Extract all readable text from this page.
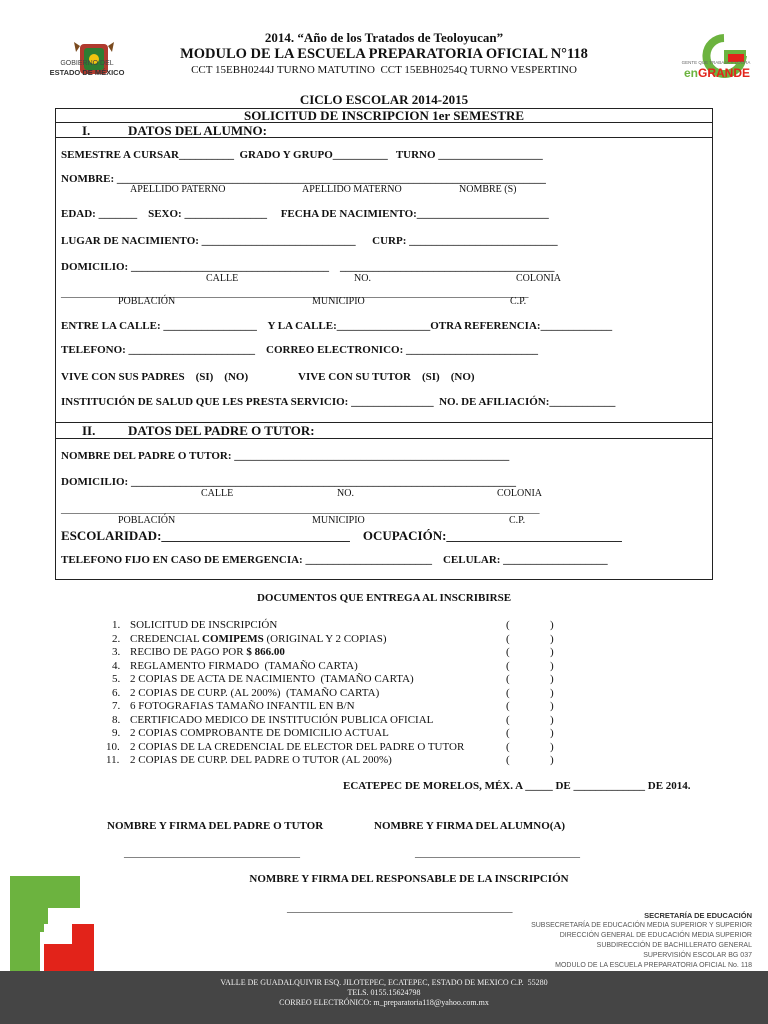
GOBIERNO DEL

ESTADO DE MÉXICO

GENTE QUE TRABAJA Y LOGRA

enGRANDE

2014. “Año de los Tratados de Teoloyucan”
MODULO DE LA ESCUELA PREPARATORIA OFICIAL N°118
CCT 15EBH0244J TURNO MATUTINO  CCT 15EBH0254Q TURNO VESPERTINO
CICLO ESCOLAR 2014-2015
SOLICITUD DE INSCRIPCION 1er SEMESTRE
I.	DATOS DEL ALUMNO:
SEMESTRE A CURSAR__________  GRADO Y GRUPO__________   TURNO ___________________
NOMBRE: ______________________________________________________________________________
APELLIDO PATERNO	APELLIDO MATERNO	NOMBRE (S)
EDAD: _______    SEXO: _______________     FECHA DE NACIMIENTO:________________________
LUGAR DE NACIMIENTO: ____________________________      CURP: ___________________________
DOMICILIO: ____________________________________    _______________________________________
CALLE	NO.	COLONIA
_____________________________________________________________________________________
POBLACIÓN	MUNICIPIO	C.P.
ENTRE LA CALLE: _________________    Y LA CALLE:_________________OTRA REFERENCIA:_____________
TELEFONO: _______________________    CORREO ELECTRONICO: ________________________
VIVE CON SUS PADRES    (SI)    (NO)	VIVE CON SU TUTOR    (SI)    (NO)
INSTITUCIÓN DE SALUD QUE LES PRESTA SERVICIO: _______________  NO. DE AFILIACIÓN:____________
II.	DATOS DEL PADRE O TUTOR:
NOMBRE DEL PADRE O TUTOR: __________________________________________________
DOMICILIO: ______________________________________________________________________
CALLE	NO.	COLONIA
_______________________________________________________________________________________
POBLACIÓN	MUNICIPIO	C.P.
ESCOLARIDAD:_____________________________    OCUPACIÓN:___________________________
TELEFONO FIJO EN CASO DE EMERGENCIA: _______________________    CELULAR: ___________________
DOCUMENTOS QUE ENTREGA AL INSCRIBIRSE
1. SOLICITUD DE INSCRIPCIÓN	(	)
2. CREDENCIAL COMIPEMS (ORIGINAL Y 2 COPIAS)	(	)
3. RECIBO DE PAGO POR $ 866.00	(	)
4. REGLAMENTO FIRMADO  (TAMAÑO CARTA)	(	)
5. 2 COPIAS DE ACTA DE NACIMIENTO  (TAMAÑO CARTA)	(	)
6. 2 COPIAS DE CURP. (AL 200%)  (TAMAÑO CARTA)	(	)
7. 6 FOTOGRAFIAS TAMAÑO INFANTIL EN B/N	(	)
8. CERTIFICADO MEDICO DE INSTITUCIÓN PUBLICA OFICIAL	(	)
9. 2 COPIAS COMPROBANTE DE DOMICILIO ACTUAL	(	)
10. 2 COPIAS DE LA CREDENCIAL DE ELECTOR DEL PADRE O TUTOR	(	)
11. 2 COPIAS DE CURP. DEL PADRE O TUTOR (AL 200%)	(	)
ECATEPEC DE MORELOS, MÉX. A _____ DE _____________ DE 2014.
NOMBRE Y FIRMA DEL PADRE O TUTOR	NOMBRE Y FIRMA DEL ALUMNO(A)
________________________________	______________________________
NOMBRE Y FIRMA DEL RESPONSABLE DE LA INSCRIPCIÓN
_________________________________________
SECRETARÍA DE EDUCACIÓN
SUBSECRETARÍA DE EDUCACIÓN MEDIA SUPERIOR Y SUPERIOR
DIRECCIÓN GENERAL DE EDUCACIÓN MEDIA SUPERIOR
SUBDIRECCIÓN DE BACHILLERATO GENERAL
SUPERVISIÓN ESCOLAR BG 037
MODULO DE LA ESCUELA PREPARATORIA OFICIAL No. 118
VALLE DE GUADALQUIVIR ESQ. JILOTEPEC, ECATEPEC, ESTADO DE MEXICO C.P.  55280
TELS. 0155.15624798
CORREO ELECTRÓNICO: m_preparatoria118@yahoo.com.mx
